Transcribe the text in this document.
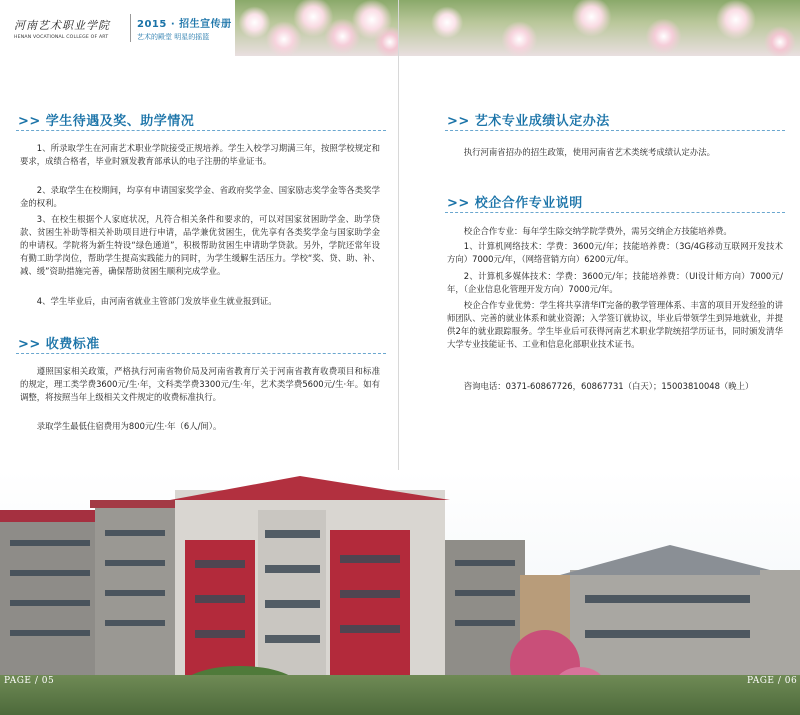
河南艺术职业学院
HENAN VOCATIONAL COLLEGE OF ART
2015 · 招生宣传册
艺术的殿堂 明星的摇篮
>> 学生待遇及奖、助学情况

1、所录取学生在河南艺术职业学院接受正规培养。学生入校学习期满三年，按照学校规定和要求，成绩合格者，毕业时颁发教育部承认的电子注册的毕业证书。

2、录取学生在校期间，均享有申请国家奖学金、省政府奖学金、国家励志奖学金等各类奖学金的权利。

3、在校生根据个人家庭状况，凡符合相关条件和要求的，可以对国家贫困助学金、助学贷款、贫困生补助等相关补助项目进行申请，品学兼优贫困生，优先享有各类奖学金与国家助学金的申请权。学院将为新生特设“绿色通道”，积极帮助贫困生申请助学贷款。另外，学院还常年设有勤工助学岗位，帮助学生提高实践能力的同时，为学生缓解生活压力。学校“奖、贷、助、补、减、缓”资助措施完善，确保帮助贫困生顺利完成学业。

4、学生毕业后，由河南省就业主管部门发放毕业生就业报到证。

>> 收费标准

遵照国家相关政策，严格执行河南省物价局及河南省教育厅关于河南省教育收费项目和标准的规定，理工类学费3600元/生·年，文科类学费3300元/生·年，艺术类学费5600元/生·年。如有调整，将按照当年上级相关文件规定的收费标准执行。

录取学生最低住宿费用为800元/生·年（6人/间）。

>> 艺术专业成绩认定办法

执行河南省招办的招生政策，使用河南省艺术类统考成绩认定办法。

>> 校企合作专业说明

校企合作专业：每年学生除交纳学院学费外，需另交纳企方技能培养费。

1、计算机网络技术：学费：3600元/年；技能培养费：（3G/4G移动互联网开发技术方向）7000元/年，（网络营销方向）6200元/年。

2、计算机多媒体技术：学费：3600元/年；技能培养费：（UI设计师方向）7000元/年，（企业信息化管理开发方向）7000元/年。

校企合作专业优势：学生将共享清华IT完备的教学管理体系、丰富的项目开发经验的讲师团队、完善的就业体系和就业资源；入学签订就协议，毕业后带领学生到异地就业，并提供2年的就业跟踪服务。学生毕业后可获得河南艺术职业学院统招学历证书，同时颁发清华大学专业技能证书、工业和信息化部职业技术证书。

咨询电话：0371-60867726，60867731（白天）；15003810048（晚上）

PAGE / 05	PAGE / 06
